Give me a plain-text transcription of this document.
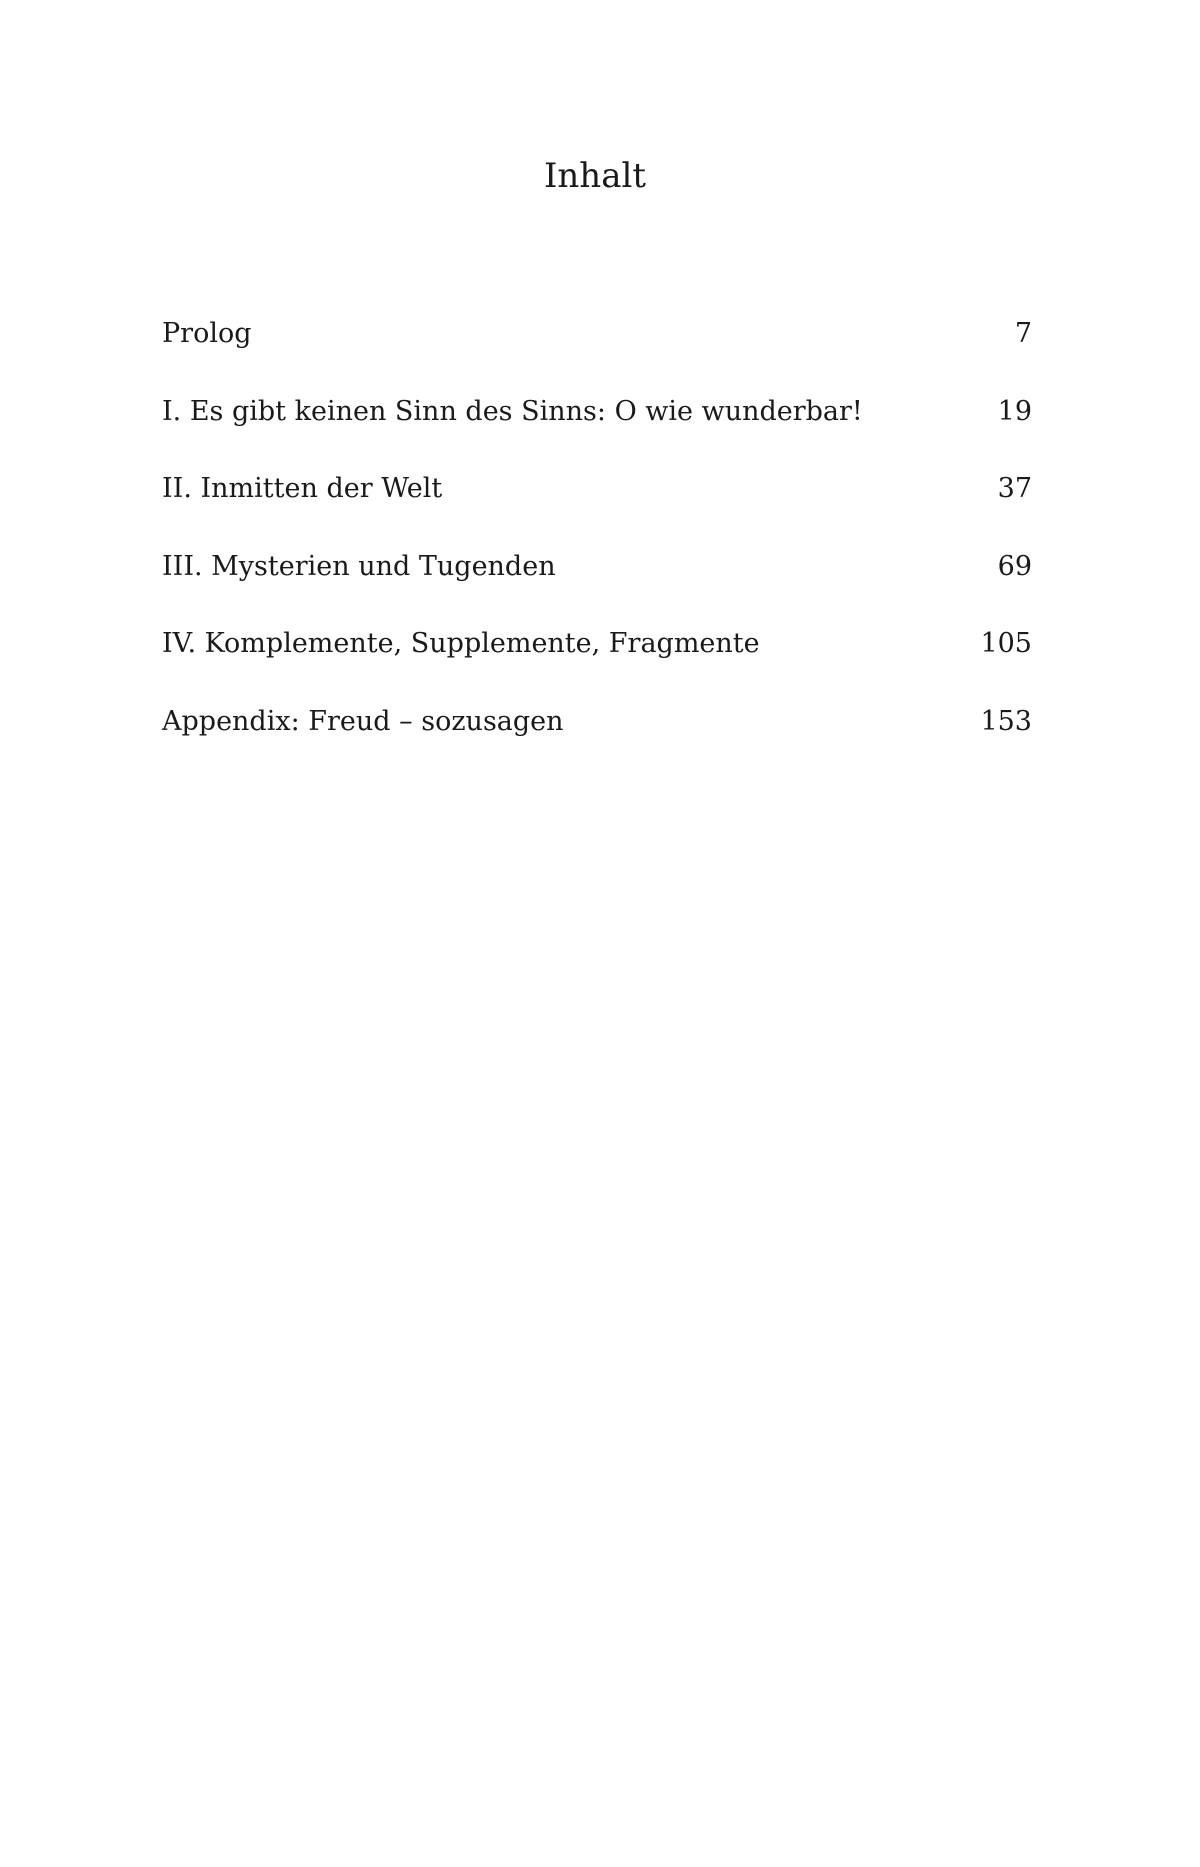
Inhalt
Prolog	7
I. Es gibt keinen Sinn des Sinns: O wie wunderbar!	19
II. Inmitten der Welt	37
III. Mysterien und Tugenden	69
IV. Komplemente, Supplemente, Fragmente	105
Appendix: Freud – sozusagen	153
